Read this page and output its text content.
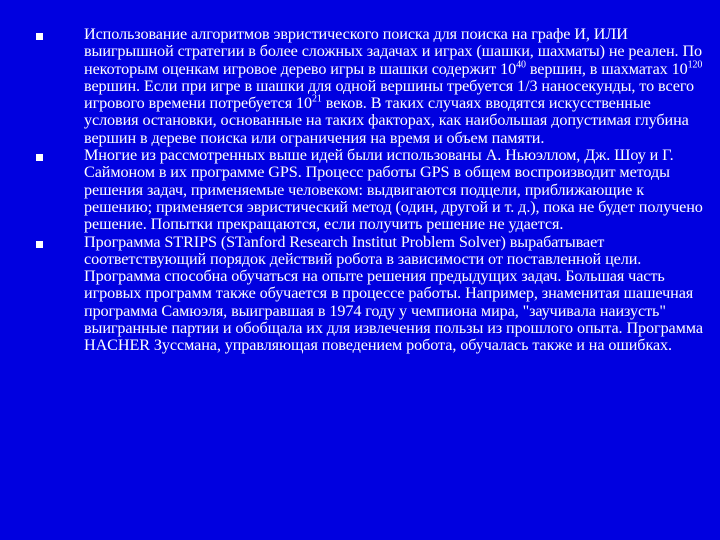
Использование алгоритмов эвристического поиска для поиска на графе И, ИЛИ выигрышной стратегии в более сложных задачах и играх (шашки, шахматы) не реален. По некоторым оценкам игровое дерево игры в шашки содержит $10^{40}$ вершин, в шахматах $10^{120}$ вершин. Если при игре в шашки для одной вершины требуется 1/3 наносекунды, то всего игрового времени потребуется $10^{21}$ веков. В таких случаях вводятся искусственные условия остановки, основанные на таких факторах, как наибольшая допустимая глубина вершин в дереве поиска или ограничения на время и объем памяти.
Многие из рассмотренных выше идей были использованы А. Ньюэллом, Дж. Шоу и Г. Саймоном в их программе GPS. Процесс работы GPS в общем воспроизводит методы решения задач, применяемые человеком: выдвигаются подцели, приближающие к решению; применяется эвристический метод (один, другой и т. д.), пока не будет получено решение. Попытки прекращаются, если получить решение не удается.
Программа STRIPS (STanford Research Institut Problem Solver) вырабатывает соответствующий порядок действий робота в зависимости от поставленной цели. Программа способна обучаться на опыте решения предыдущих задач. Большая часть игровых программ также обучается в процессе работы. Например, знаменитая шашечная программа Самюэля, выигравшая в 1974 году у чемпиона мира, "заучивала наизусть" выигранные партии и обобщала их для извлечения пользы из прошлого опыта. Программа HACHER Зуссмана, управляющая поведением робота, обучалась также и на ошибках.
